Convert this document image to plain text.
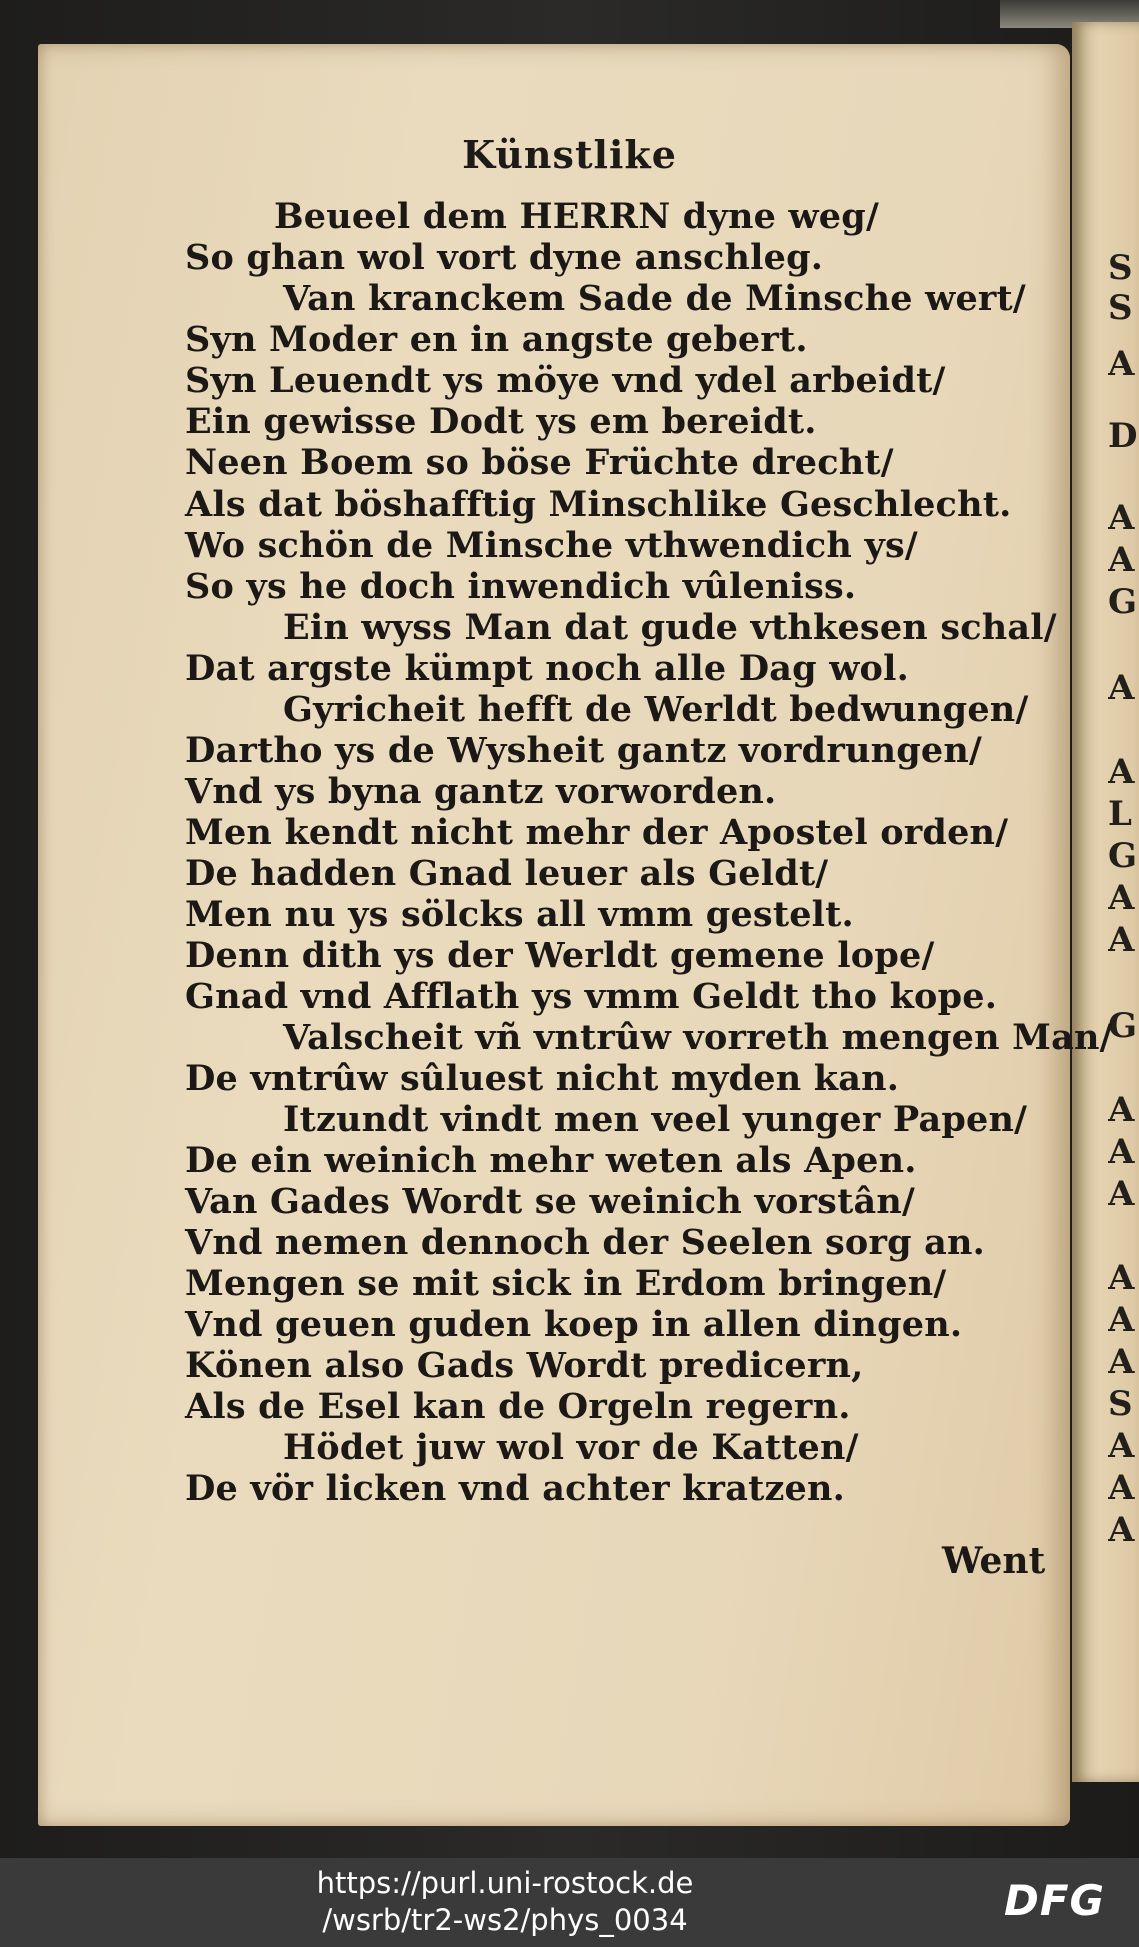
S
S
A
D
A
A
G
A
A
L
G
A
A
G
A
A
A
A
A
A
S
A
A
A
Künstlike
Beueel dem HERRN dyne weg/
So ghan wol vort dyne anschleg.
Van kranckem Sade de Minsche wert/
Syn Moder en in angste gebert.
Syn Leuendt ys möye vnd ydel arbeidt/
Ein gewisse Dodt ys em bereidt.
Neen Boem so böse Früchte drecht/
Als dat böshafftig Minschlike Geschlecht.
Wo schön de Minsche vthwendich ys/
So ys he doch inwendich vûleniss.
Ein wyss Man dat gude vthkesen schal/
Dat argste kümpt noch alle Dag wol.
Gyricheit hefft de Werldt bedwungen/
Dartho ys de Wysheit gantz vordrungen/
Vnd ys byna gantz vorworden.
Men kendt nicht mehr der Apostel orden/
De hadden Gnad leuer als Geldt/
Men nu ys sölcks all vmm gestelt.
Denn dith ys der Werldt gemene lope/
Gnad vnd Afflath ys vmm Geldt tho kope.
Valscheit vñ vntrûw vorreth mengen Man/
De vntrûw sûluest nicht myden kan.
Itzundt vindt men veel yunger Papen/
De ein weinich mehr weten als Apen.
Van Gades Wordt se weinich vorstân/
Vnd nemen dennoch der Seelen sorg an.
Mengen se mit sick in Erdom bringen/
Vnd geuen guden koep in allen dingen.
Könen also Gads Wordt predicern,
Als de Esel kan de Orgeln regern.
Hödet juw wol vor de Katten/
De vör licken vnd achter kratzen.
Went
https://purl.uni-rostock.de
/wsrb/tr2-ws2/phys_0034	DFG
